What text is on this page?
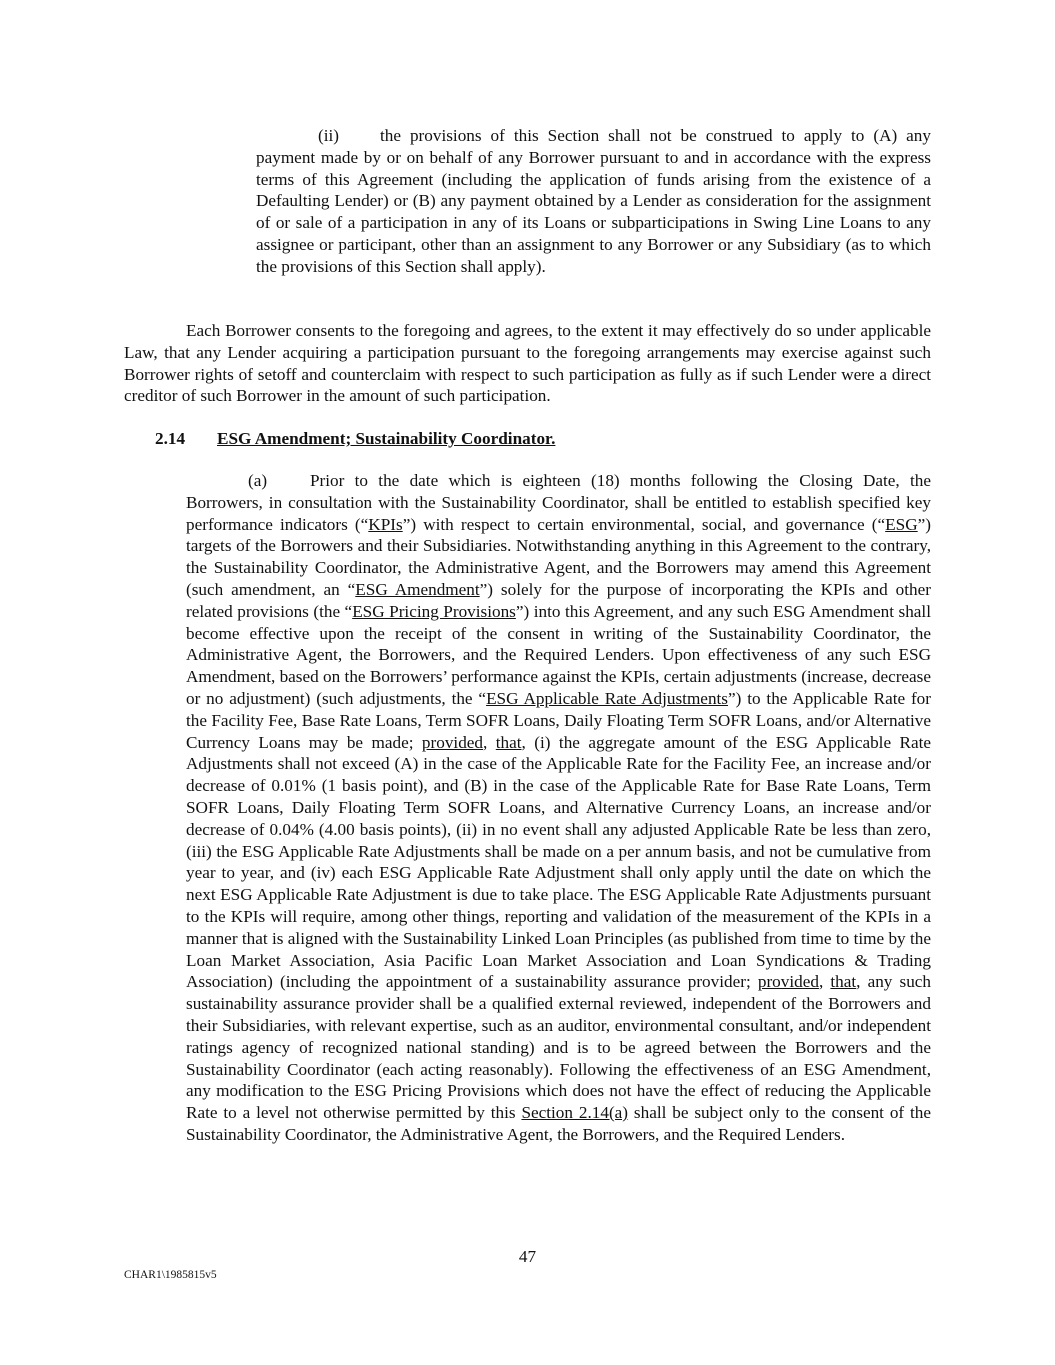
(ii) the provisions of this Section shall not be construed to apply to (A) any payment made by or on behalf of any Borrower pursuant to and in accordance with the express terms of this Agreement (including the application of funds arising from the existence of a Defaulting Lender) or (B) any payment obtained by a Lender as consideration for the assignment of or sale of a participation in any of its Loans or subparticipations in Swing Line Loans to any assignee or participant, other than an assignment to any Borrower or any Subsidiary (as to which the provisions of this Section shall apply).

Each Borrower consents to the foregoing and agrees, to the extent it may effectively do so under applicable Law, that any Lender acquiring a participation pursuant to the foregoing arrangements may exercise against such Borrower rights of setoff and counterclaim with respect to such participation as fully as if such Lender were a direct creditor of such Borrower in the amount of such participation.

2.14 ESG Amendment; Sustainability Coordinator.

(a) Prior to the date which is eighteen (18) months following the Closing Date, the Borrowers, in consultation with the Sustainability Coordinator, shall be entitled to establish specified key performance indicators (“KPIs”) with respect to certain environmental, social, and governance (“ESG”) targets of the Borrowers and their Subsidiaries. Notwithstanding anything in this Agreement to the contrary, the Sustainability Coordinator, the Administrative Agent, and the Borrowers may amend this Agreement (such amendment, an “ESG Amendment”) solely for the purpose of incorporating the KPIs and other related provisions (the “ESG Pricing Provisions”) into this Agreement, and any such ESG Amendment shall become effective upon the receipt of the consent in writing of the Sustainability Coordinator, the Administrative Agent, the Borrowers, and the Required Lenders. Upon effectiveness of any such ESG Amendment, based on the Borrowers’ performance against the KPIs, certain adjustments (increase, decrease or no adjustment) (such adjustments, the “ESG Applicable Rate Adjustments”) to the Applicable Rate for the Facility Fee, Base Rate Loans, Term SOFR Loans, Daily Floating Term SOFR Loans, and/or Alternative Currency Loans may be made; provided, that, (i) the aggregate amount of the ESG Applicable Rate Adjustments shall not exceed (A) in the case of the Applicable Rate for the Facility Fee, an increase and/or decrease of 0.01% (1 basis point), and (B) in the case of the Applicable Rate for Base Rate Loans, Term SOFR Loans, Daily Floating Term SOFR Loans, and Alternative Currency Loans, an increase and/or decrease of 0.04% (4.00 basis points), (ii) in no event shall any adjusted Applicable Rate be less than zero, (iii) the ESG Applicable Rate Adjustments shall be made on a per annum basis, and not be cumulative from year to year, and (iv) each ESG Applicable Rate Adjustment shall only apply until the date on which the next ESG Applicable Rate Adjustment is due to take place. The ESG Applicable Rate Adjustments pursuant to the KPIs will require, among other things, reporting and validation of the measurement of the KPIs in a manner that is aligned with the Sustainability Linked Loan Principles (as published from time to time by the Loan Market Association, Asia Pacific Loan Market Association and Loan Syndications & Trading Association) (including the appointment of a sustainability assurance provider; provided, that, any such sustainability assurance provider shall be a qualified external reviewed, independent of the Borrowers and their Subsidiaries, with relevant expertise, such as an auditor, environmental consultant, and/or independent ratings agency of recognized national standing) and is to be agreed between the Borrowers and the Sustainability Coordinator (each acting reasonably). Following the effectiveness of an ESG Amendment, any modification to the ESG Pricing Provisions which does not have the effect of reducing the Applicable Rate to a level not otherwise permitted by this Section 2.14(a) shall be subject only to the consent of the Sustainability Coordinator, the Administrative Agent, the Borrowers, and the Required Lenders.

47
CHAR1\1985815v5
